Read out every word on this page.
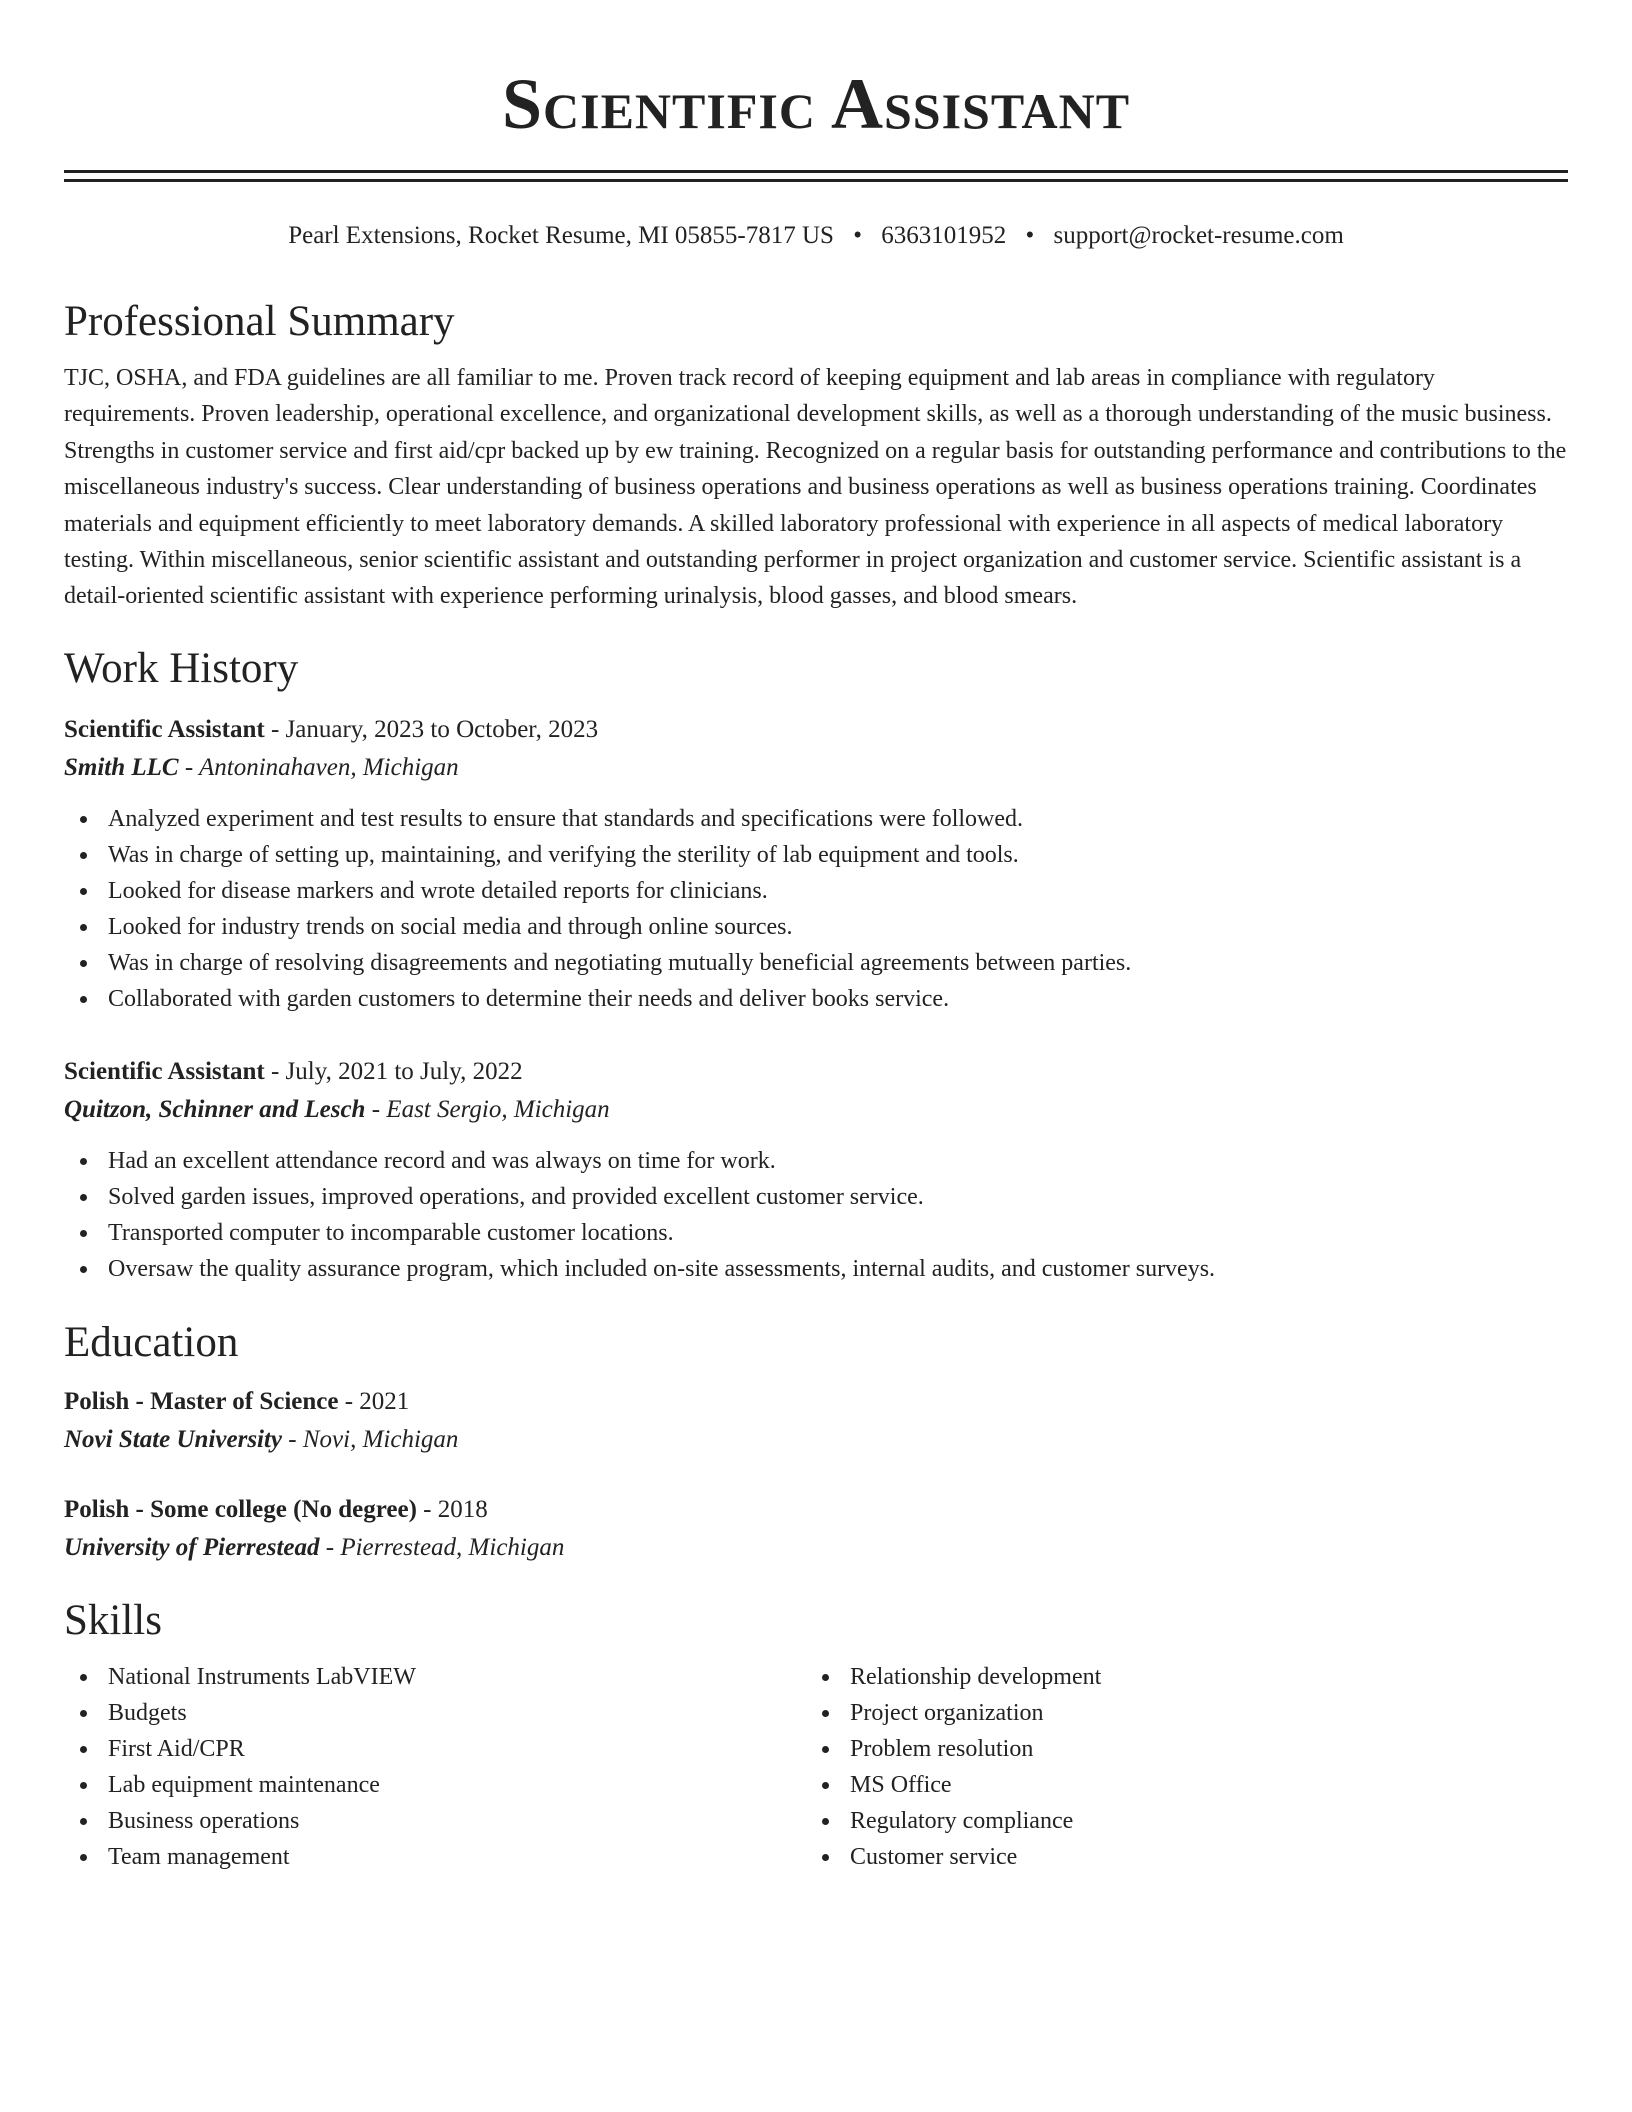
Scientific Assistant
Pearl Extensions, Rocket Resume, MI 05855-7817 US • 6363101952 • support@rocket-resume.com
Professional Summary

TJC, OSHA, and FDA guidelines are all familiar to me. Proven track record of keeping equipment and lab areas in compliance with regulatory requirements. Proven leadership, operational excellence, and organizational development skills, as well as a thorough understanding of the music business. Strengths in customer service and first aid/cpr backed up by ew training. Recognized on a regular basis for outstanding performance and contributions to the miscellaneous industry's success. Clear understanding of business operations and business operations as well as business operations training. Coordinates materials and equipment efficiently to meet laboratory demands. A skilled laboratory professional with experience in all aspects of medical laboratory testing. Within miscellaneous, senior scientific assistant and outstanding performer in project organization and customer service. Scientific assistant is a detail-oriented scientific assistant with experience performing urinalysis, blood gasses, and blood smears.

Work History
Scientific Assistant - January, 2023 to October, 2023
Smith LLC - Antoninahaven, Michigan
Analyzed experiment and test results to ensure that standards and specifications were followed.
Was in charge of setting up, maintaining, and verifying the sterility of lab equipment and tools.
Looked for disease markers and wrote detailed reports for clinicians.
Looked for industry trends on social media and through online sources.
Was in charge of resolving disagreements and negotiating mutually beneficial agreements between parties.
Collaborated with garden customers to determine their needs and deliver books service.
Scientific Assistant - July, 2021 to July, 2022
Quitzon, Schinner and Lesch - East Sergio, Michigan
Had an excellent attendance record and was always on time for work.
Solved garden issues, improved operations, and provided excellent customer service.
Transported computer to incomparable customer locations.
Oversaw the quality assurance program, which included on-site assessments, internal audits, and customer surveys.
Education
Polish - Master of Science - 2021
Novi State University - Novi, Michigan
Polish - Some college (No degree) - 2018
University of Pierrestead - Pierrestead, Michigan
Skills
National Instruments LabVIEW
Budgets
First Aid/CPR
Lab equipment maintenance
Business operations
Team management
Relationship development
Project organization
Problem resolution
MS Office
Regulatory compliance
Customer service
